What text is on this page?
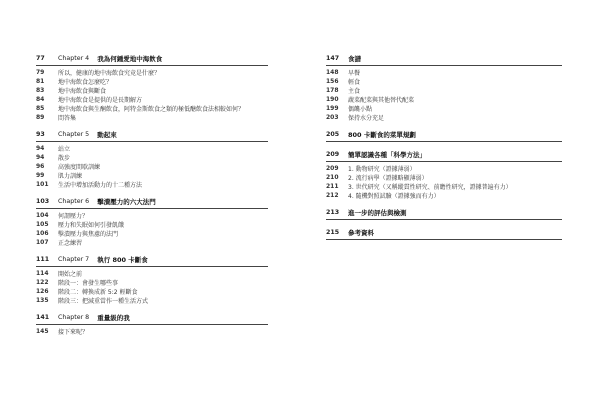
77	Chapter 4 我為何鍾愛地中海飲食
79	所以，健康的地中海飲食究竟是什麼？
81	地中海飲食怎麼吃？
83	地中海飲食與斷食
84	地中海飲食是提供的是長期解方
85	地中海飲食與生酮飲食，阿特金斯飲食之類的極低醣飲食法相較如何？
89	問答集
93	Chapter 5 動起來
94	站立
94	散步
96	高強度間歇訓練
99	肌力訓練
101	生活中增加活動力的十二種方法
103	Chapter 6 擊潰壓力的六大法門
104	何謂壓力？
105	壓力和失眠如何引發飢餓
106	擊潰壓力與焦慮的法門
107	正念練習
111	Chapter 7 執行 800 卡斷食
114	開始之前
122	階段一：會發生哪些事
126	階段二：轉換成新 5:2 輕斷食
135	階段三：把減重當作一種生活方式
141	Chapter 8 重量級的我
145	接下來呢？
147	食譜
148	早餐
156	輕食
178	主食
190	蔬菜配菜與其他替代配菜
199	偶饞小點
203	保持水分充足
205	800 卡斷食的菜單規劃
209	簡單認識各種「科學方法」
209	1. 動物研究（證據薄弱）
210	2. 流行病學（證據略顯薄弱）
211	3. 世代研究（又稱縱貫性研究、前瞻性研究，證據普遍有力）
212	4. 隨機對照試驗（證據強而有力）
213	進一步的評估與檢測
215	參考資料
